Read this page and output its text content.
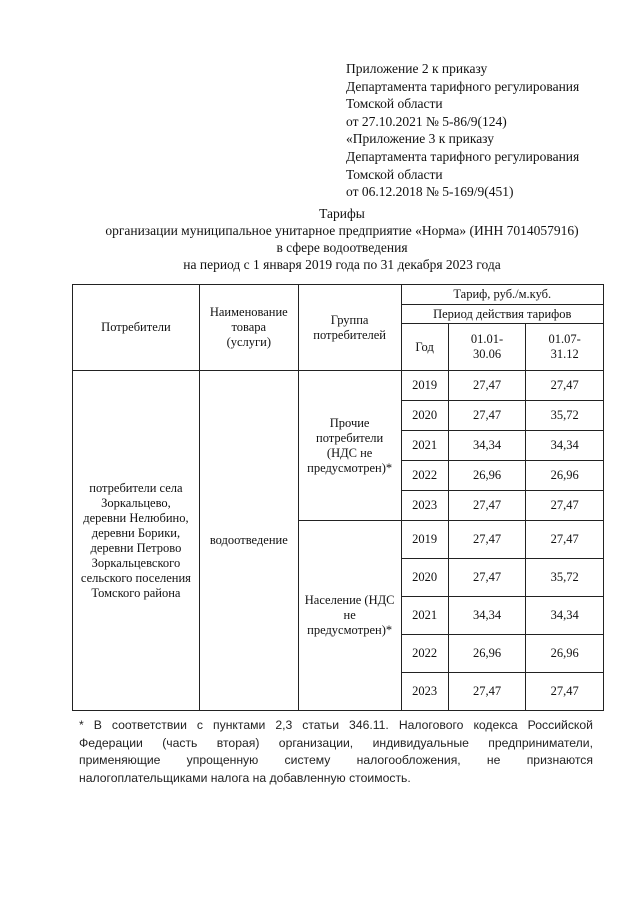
Приложение 2 к приказу
Департамента тарифного регулирования
Томской области
от 27.10.2021 № 5-86/9(124)
«Приложение 3 к приказу
Департамента тарифного регулирования
Томской области
от 06.12.2018 № 5-169/9(451)
Тарифы
организации муниципальное унитарное предприятие «Норма» (ИНН 7014057916)
в сфере водоотведения
на период с 1 января 2019 года по 31 декабря 2023 года
Потребители	Наименование товара (услуги)	Группа потребителей	Тариф, руб./м.куб.		
			Период действия тарифов		
			Год	01.01-30.06	01.07-31.12
потребители села Зоркальцево, деревни Нелюбино, деревни Борики, деревни Петрово Зоркальцевского сельского поселения Томского района	водоотведение	Прочие потребители (НДС не предусмотрен)*	2019	27,47	27,47
			2020	27,47	35,72
			2021	34,34	34,34
			2022	26,96	26,96
			2023	27,47	27,47
		Население (НДС не предусмотрен)*	2019	27,47	27,47
			2020	27,47	35,72
			2021	34,34	34,34
			2022	26,96	26,96
			2023	27,47	27,47
* В соответствии с пунктами 2,3 статьи 346.11. Налогового кодекса Российской
Федерации (часть вторая) организации, индивидуальные предприниматели,
применяющие упрощенную систему налогообложения, не признаются
налогоплательщиками налога на добавленную стоимость.
